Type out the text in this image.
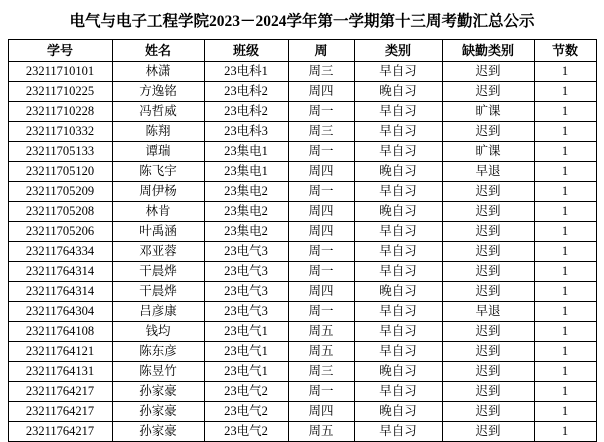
电气与电子工程学院2023－2024学年第一学期第十三周考勤汇总公示
学号	姓名	班级	周	类别	缺勤类别	节数
23211710101	林潇	23电科1	周三	早自习	迟到	1
23211710225	方逸铭	23电科2	周四	晚自习	迟到	1
23211710228	冯哲威	23电科2	周一	早自习	旷课	1
23211710332	陈翔	23电科3	周三	早自习	迟到	1
23211705133	谭瑞	23集电1	周一	早自习	旷课	1
23211705120	陈飞宇	23集电1	周四	晚自习	早退	1
23211705209	周伊杨	23集电2	周一	早自习	迟到	1
23211705208	林肯	23集电2	周四	晚自习	迟到	1
23211705206	叶禹涵	23集电2	周四	早自习	迟到	1
23211764334	邓亚蓉	23电气3	周一	早自习	迟到	1
23211764314	干晨烨	23电气3	周一	早自习	迟到	1
23211764314	干晨烨	23电气3	周四	晚自习	迟到	1
23211764304	吕彦康	23电气3	周一	早自习	早退	1
23211764108	钱均	23电气1	周五	早自习	迟到	1
23211764121	陈东彦	23电气1	周五	早自习	迟到	1
23211764131	陈昱竹	23电气1	周三	晚自习	迟到	1
23211764217	孙家豪	23电气2	周一	早自习	迟到	1
23211764217	孙家豪	23电气2	周四	晚自习	迟到	1
23211764217	孙家豪	23电气2	周五	早自习	迟到	1
